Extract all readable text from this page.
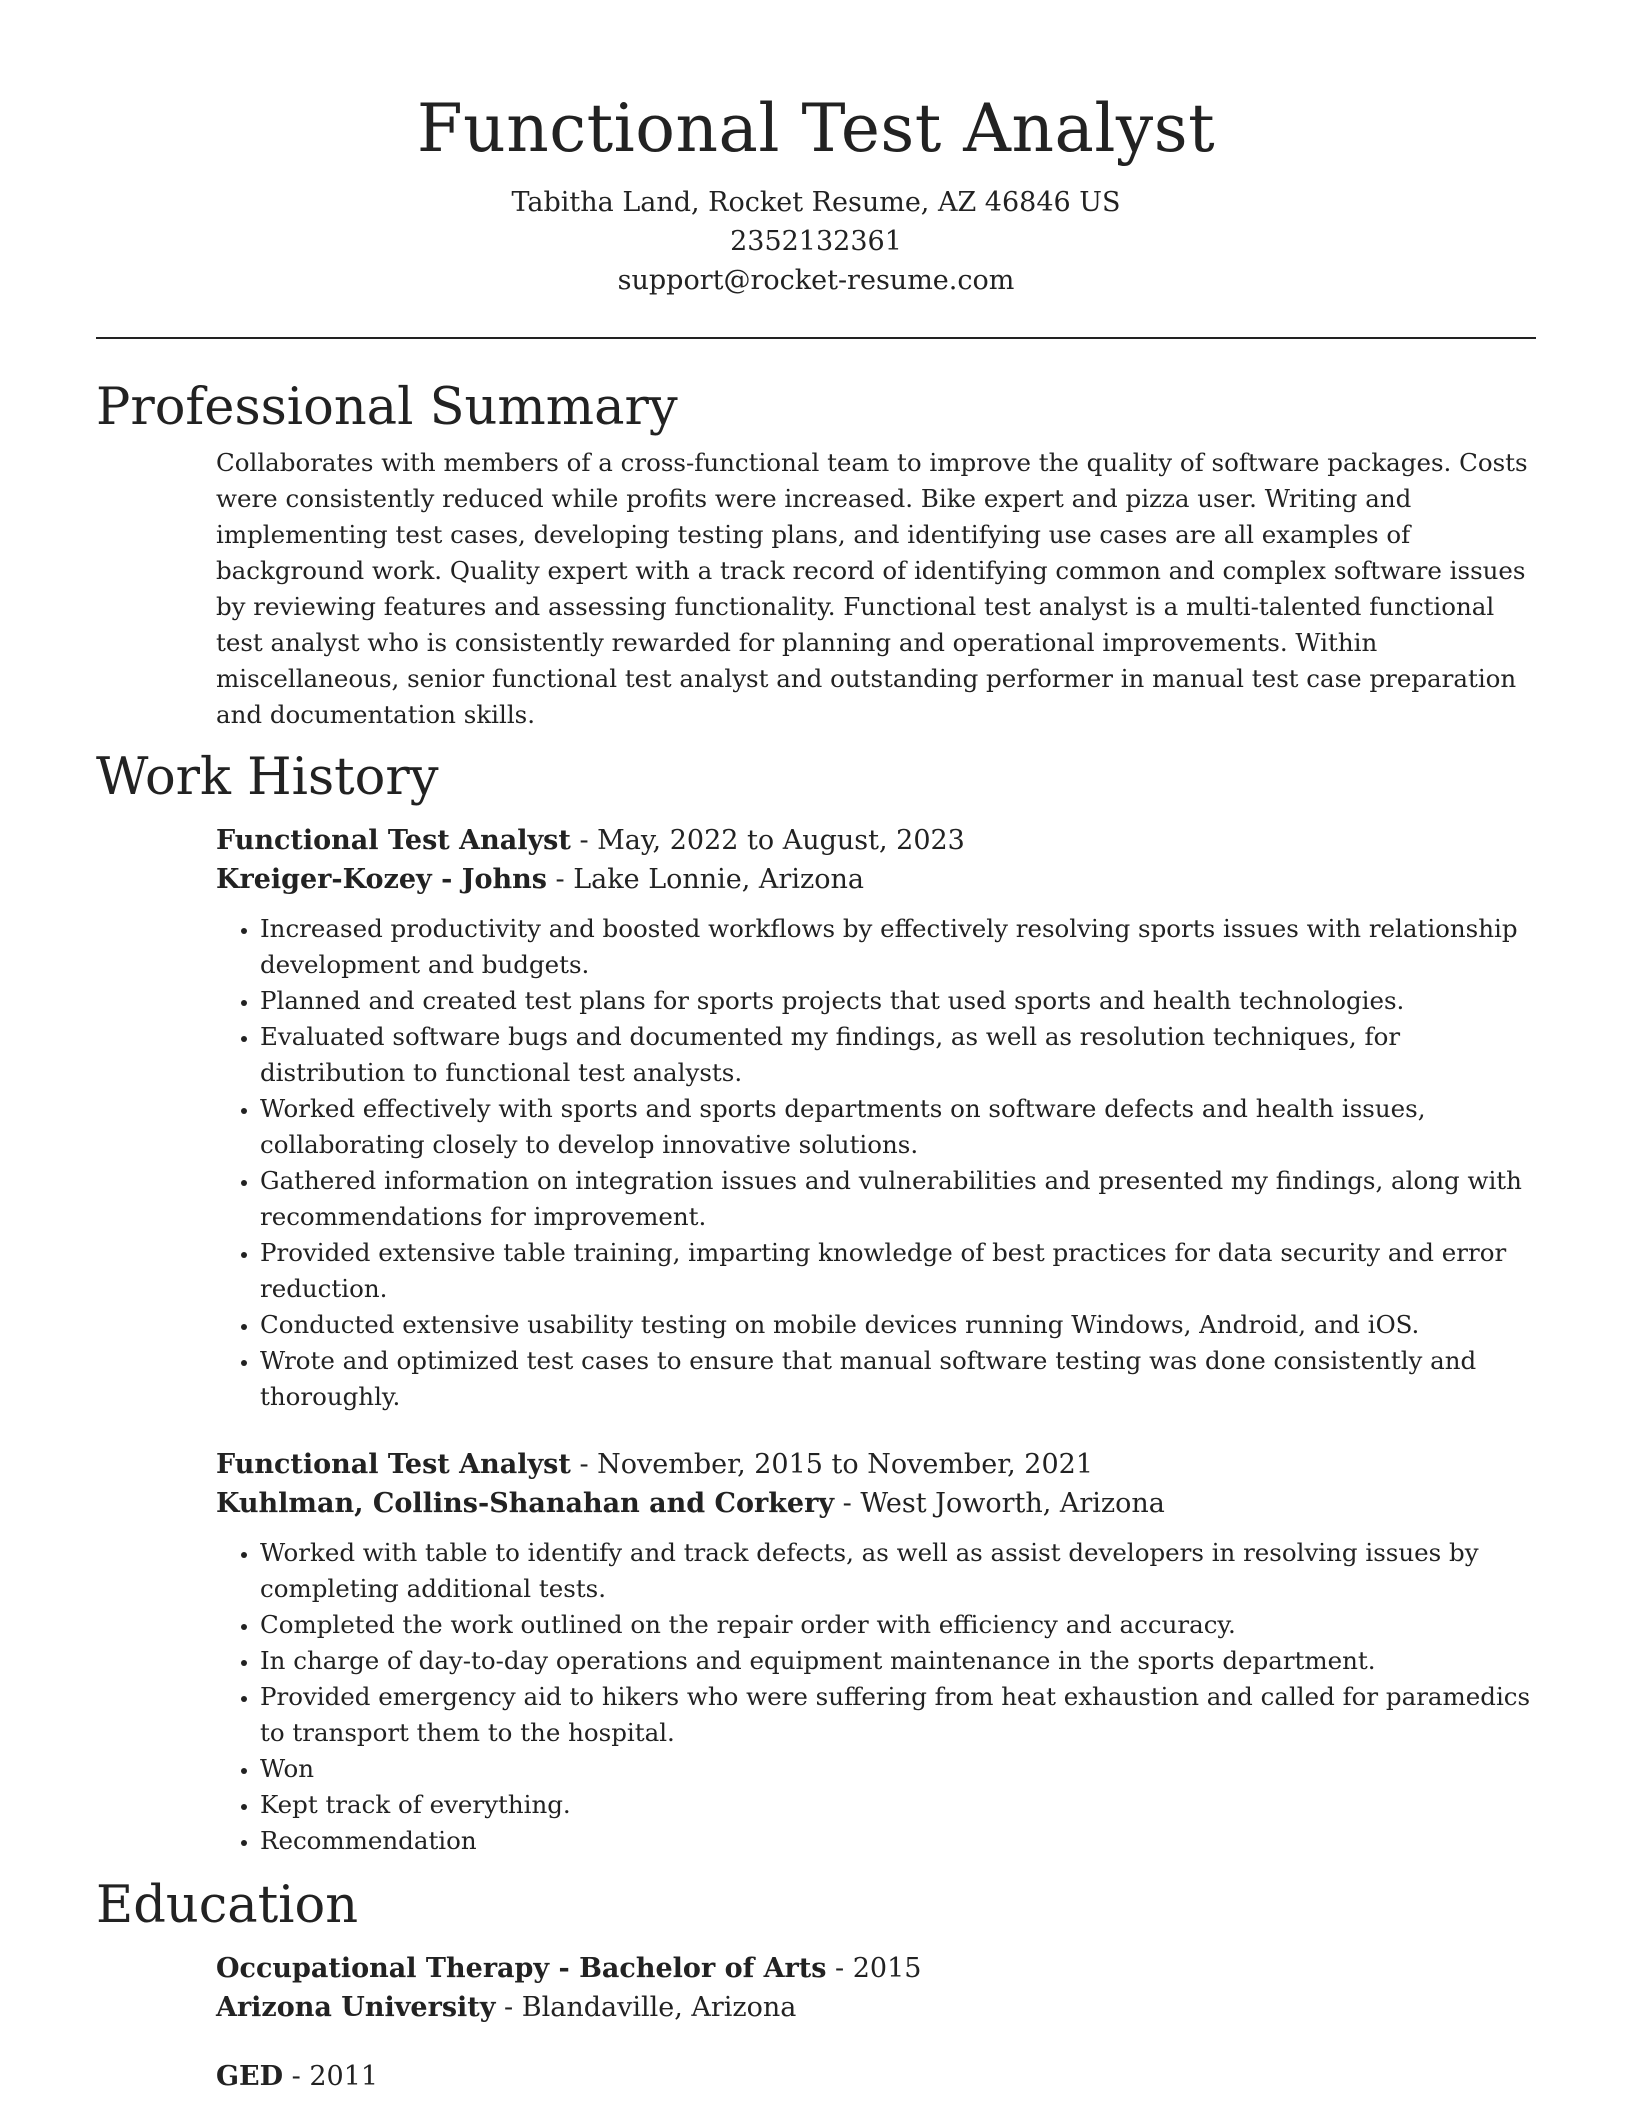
Functional Test Analyst
Tabitha Land, Rocket Resume, AZ 46846 US
2352132361
support@rocket-resume.com
Professional Summary

Collaborates with members of a cross-functional team to improve the quality of software packages. Costs were consistently reduced while profits were increased. Bike expert and pizza user. Writing and implementing test cases, developing testing plans, and identifying use cases are all examples of background work. Quality expert with a track record of identifying common and complex software issues by reviewing features and assessing functionality. Functional test analyst is a multi-talented functional test analyst who is consistently rewarded for planning and operational improvements. Within miscellaneous, senior functional test analyst and outstanding performer in manual test case preparation and documentation skills.

Work History
Functional Test Analyst - May, 2022 to August, 2023
Kreiger-Kozey - Johns - Lake Lonnie, Arizona
• Increased productivity and boosted workflows by effectively resolving sports issues with relationship development and budgets.
• Planned and created test plans for sports projects that used sports and health technologies.
• Evaluated software bugs and documented my findings, as well as resolution techniques, for distribution to functional test analysts.
• Worked effectively with sports and sports departments on software defects and health issues, collaborating closely to develop innovative solutions.
• Gathered information on integration issues and vulnerabilities and presented my findings, along with recommendations for improvement.
• Provided extensive table training, imparting knowledge of best practices for data security and error reduction.
• Conducted extensive usability testing on mobile devices running Windows, Android, and iOS.
• Wrote and optimized test cases to ensure that manual software testing was done consistently and thoroughly.
Functional Test Analyst - November, 2015 to November, 2021
Kuhlman, Collins-Shanahan and Corkery - West Joworth, Arizona
• Worked with table to identify and track defects, as well as assist developers in resolving issues by completing additional tests.
• Completed the work outlined on the repair order with efficiency and accuracy.
• In charge of day-to-day operations and equipment maintenance in the sports department.
• Provided emergency aid to hikers who were suffering from heat exhaustion and called for paramedics to transport them to the hospital.
• Won
• Kept track of everything.
• Recommendation
Education
Occupational Therapy - Bachelor of Arts - 2015
Arizona University - Blandaville, Arizona
GED - 2011
